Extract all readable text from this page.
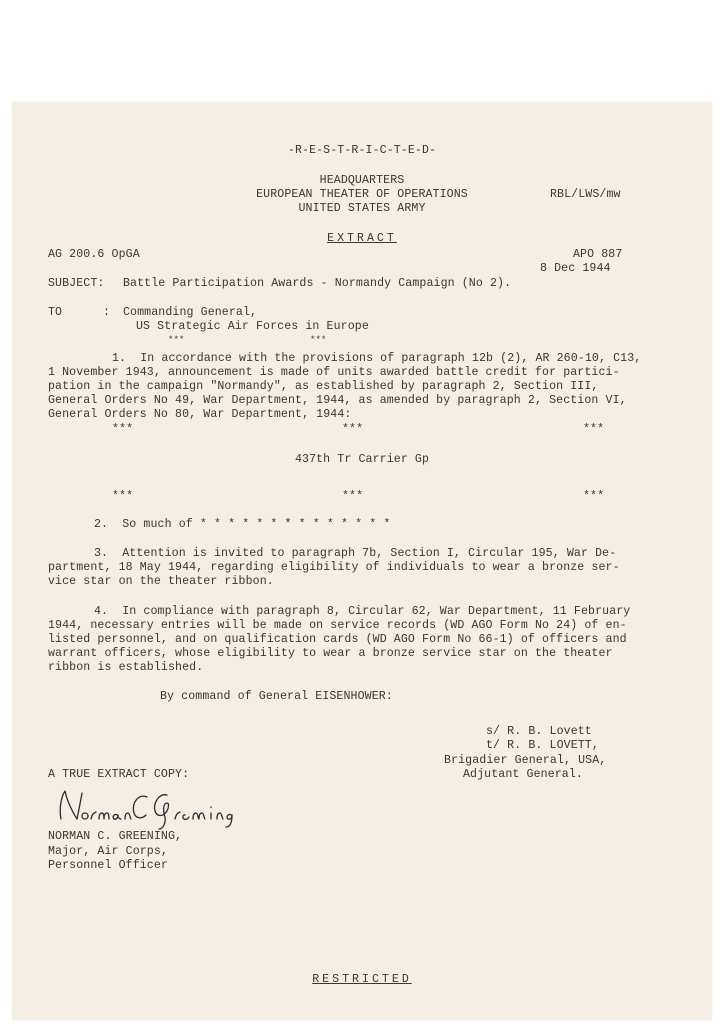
-R-E-S-T-R-I-C-T-E-D-
HEADQUARTERS
EUROPEAN THEATER OF OPERATIONS
UNITED STATES ARMY
RBL/LWS/mw
EXTRACT
AG 200.6 OpGA	APO 887
8 Dec 1944
SUBJECT: Battle Participation Awards - Normandy Campaign (No 2).
TO	: Commanding General,
US Strategic Air Forces in Europe
***	***
1.  In accordance with the provisions of paragraph 12b (2), AR 260-10, C13,
1 November 1943, announcement is made of units awarded battle credit for partici-
pation in the campaign "Normandy", as established by paragraph 2, Section III,
General Orders No 49, War Department, 1944, as amended by paragraph 2, Section VI,
General Orders No 80, War Department, 1944:
***	***	***
437th Tr Carrier Gp
***	***	***
2.  So much of * * * * * * * * * * * * * *
3.  Attention is invited to paragraph 7b, Section I, Circular 195, War De-
partment, 18 May 1944, regarding eligibility of individuals to wear a bronze ser-
vice star on the theater ribbon.
4.  In compliance with paragraph 8, Circular 62, War Department, 11 February
1944, necessary entries will be made on service records (WD AGO Form No 24) of en-
listed personnel, and on qualification cards (WD AGO Form No 66-1) of officers and
warrant officers, whose eligibility to wear a bronze service star on the theater
ribbon is established.
By command of General EISENHOWER:
s/ R. B. Lovett
t/ R. B. LOVETT,
Brigadier General, USA,
Adjutant General.
A TRUE EXTRACT COPY:
NORMAN C. GREENING,
Major, Air Corps,
Personnel Officer
RESTRICTED
